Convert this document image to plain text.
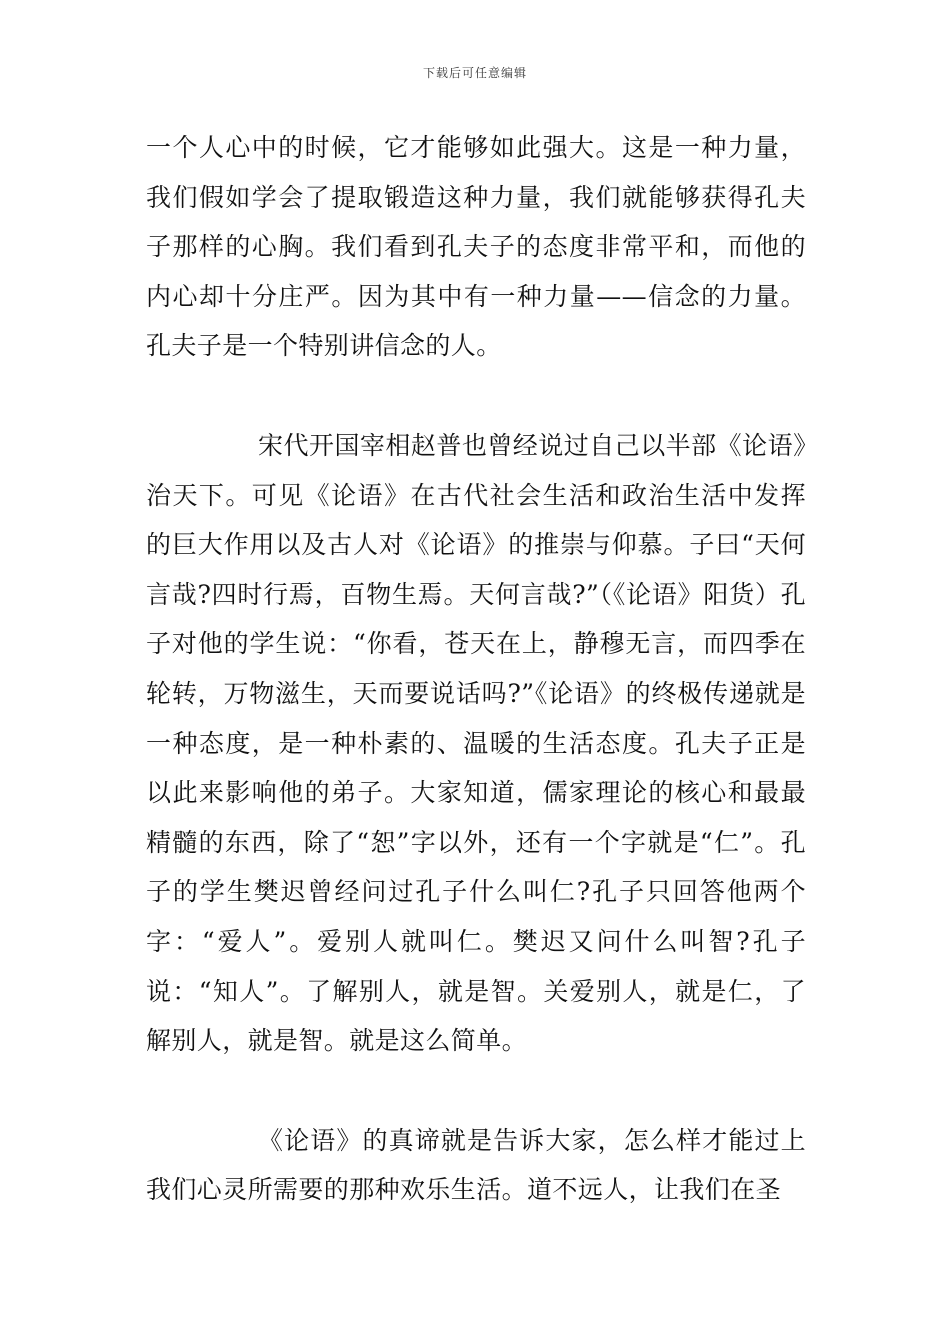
下载后可任意编辑

一个人心中的时候，它才能够如此强大。这是一种力量，我们假如学会了提取锻造这种力量，我们就能够获得孔夫子那样的心胸。我们看到孔夫子的态度非常平和，而他的内心却十分庄严。因为其中有一种力量——信念的力量。孔夫子是一个特别讲信念的人。

宋代开国宰相赵普也曾经说过自己以半部《论语》治天下。可见《论语》在古代社会生活和政治生活中发挥的巨大作用以及古人对《论语》的推崇与仰慕。子曰“天何言哉?四时行焉，百物生焉。天何言哉?”（《论语》阳货）孔子对他的学生说：“你看，苍天在上，静穆无言，而四季在轮转，万物滋生，天而要说话吗?”《论语》的终极传递就是一种态度，是一种朴素的、温暖的生活态度。孔夫子正是以此来影响他的弟子。大家知道，儒家理论的核心和最最精髓的东西，除了“恕”字以外，还有一个字就是“仁”。孔子的学生樊迟曾经问过孔子什么叫仁?孔子只回答他两个字：“爱人”。爱别人就叫仁。樊迟又问什么叫智?孔子说：“知人”。了解别人，就是智。关爱别人，就是仁，了解别人，就是智。就是这么简单。

《论语》的真谛就是告诉大家，怎么样才能过上我们心灵所需要的那种欢乐生活。道不远人，让我们在圣
